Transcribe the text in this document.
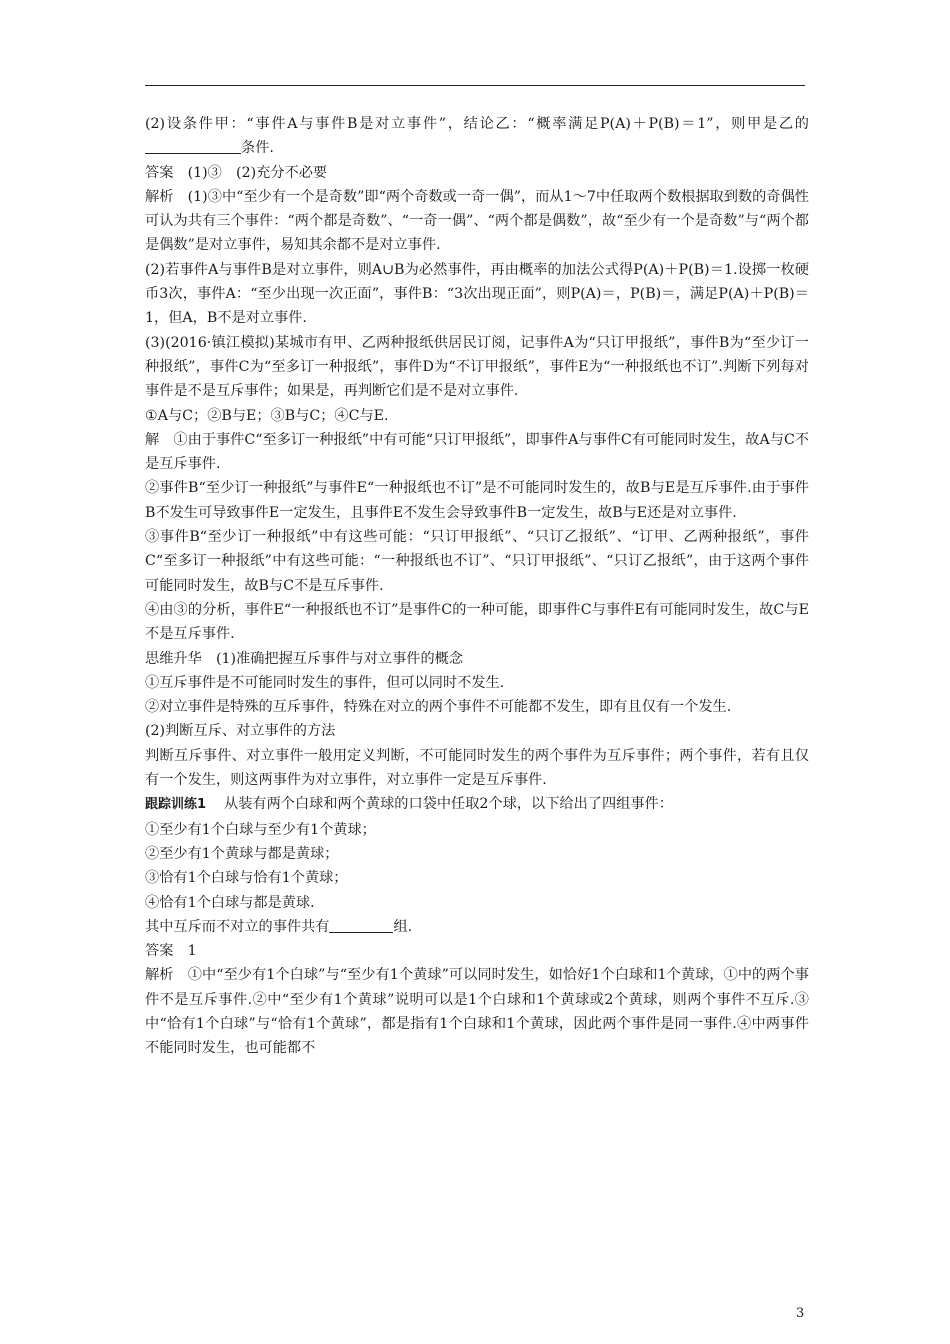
(2)设条件甲：“事件A与事件B是对立事件”，结论乙：“概率满足P(A)＋P(B)＝1”，则甲是乙的条件.

答案　(1)③　(2)充分不必要

解析　(1)③中“至少有一个是奇数”即“两个奇数或一奇一偶”，而从1～7中任取两个数根据取到数的奇偶性可认为共有三个事件：“两个都是奇数”、“一奇一偶”、“两个都是偶数”，故“至少有一个是奇数”与“两个都是偶数”是对立事件，易知其余都不是对立事件.

(2)若事件A与事件B是对立事件，则A∪B为必然事件，再由概率的加法公式得P(A)＋P(B)＝1.设掷一枚硬币3次，事件A：“至少出现一次正面”，事件B：“3次出现正面”，则P(A)＝，P(B)＝，满足P(A)＋P(B)＝1，但A，B不是对立事件.

(3)(2016·镇江模拟)某城市有甲、乙两种报纸供居民订阅，记事件A为“只订甲报纸”，事件B为“至少订一种报纸”，事件C为“至多订一种报纸”，事件D为“不订甲报纸”，事件E为“一种报纸也不订”.判断下列每对事件是不是互斥事件；如果是，再判断它们是不是对立事件.

①A与C；②B与E；③B与C；④C与E.

解　①由于事件C“至多订一种报纸”中有可能“只订甲报纸”，即事件A与事件C有可能同时发生，故A与C不是互斥事件.

②事件B“至少订一种报纸”与事件E“一种报纸也不订”是不可能同时发生的，故B与E是互斥事件.由于事件B不发生可导致事件E一定发生，且事件E不发生会导致事件B一定发生，故B与E还是对立事件.

③事件B“至少订一种报纸”中有这些可能：“只订甲报纸”、“只订乙报纸”、“订甲、乙两种报纸”，事件C“至多订一种报纸”中有这些可能：“一种报纸也不订”、“只订甲报纸”、“只订乙报纸”，由于这两个事件可能同时发生，故B与C不是互斥事件.

④由③的分析，事件E“一种报纸也不订”是事件C的一种可能，即事件C与事件E有可能同时发生，故C与E不是互斥事件.

思维升华　(1)准确把握互斥事件与对立事件的概念

①互斥事件是不可能同时发生的事件，但可以同时不发生.

②对立事件是特殊的互斥事件，特殊在对立的两个事件不可能都不发生，即有且仅有一个发生.

(2)判断互斥、对立事件的方法

判断互斥事件、对立事件一般用定义判断，不可能同时发生的两个事件为互斥事件；两个事件，若有且仅有一个发生，则这两事件为对立事件，对立事件一定是互斥事件.

跟踪训练1 从装有两个白球和两个黄球的口袋中任取2个球，以下给出了四组事件：

①至少有1个白球与至少有1个黄球；

②至少有1个黄球与都是黄球；

③恰有1个白球与恰有1个黄球；

④恰有1个白球与都是黄球.

其中互斥而不对立的事件共有	组.

答案　1

解析　①中“至少有1个白球”与“至少有1个黄球”可以同时发生，如恰好1个白球和1个黄球，①中的两个事件不是互斥事件.②中“至少有1个黄球”说明可以是1个白球和1个黄球或2个黄球，则两个事件不互斥.③中“恰有1个白球”与“恰有1个黄球”，都是指有1个白球和1个黄球，因此两个事件是同一事件.④中两事件不能同时发生，也可能都不

3
